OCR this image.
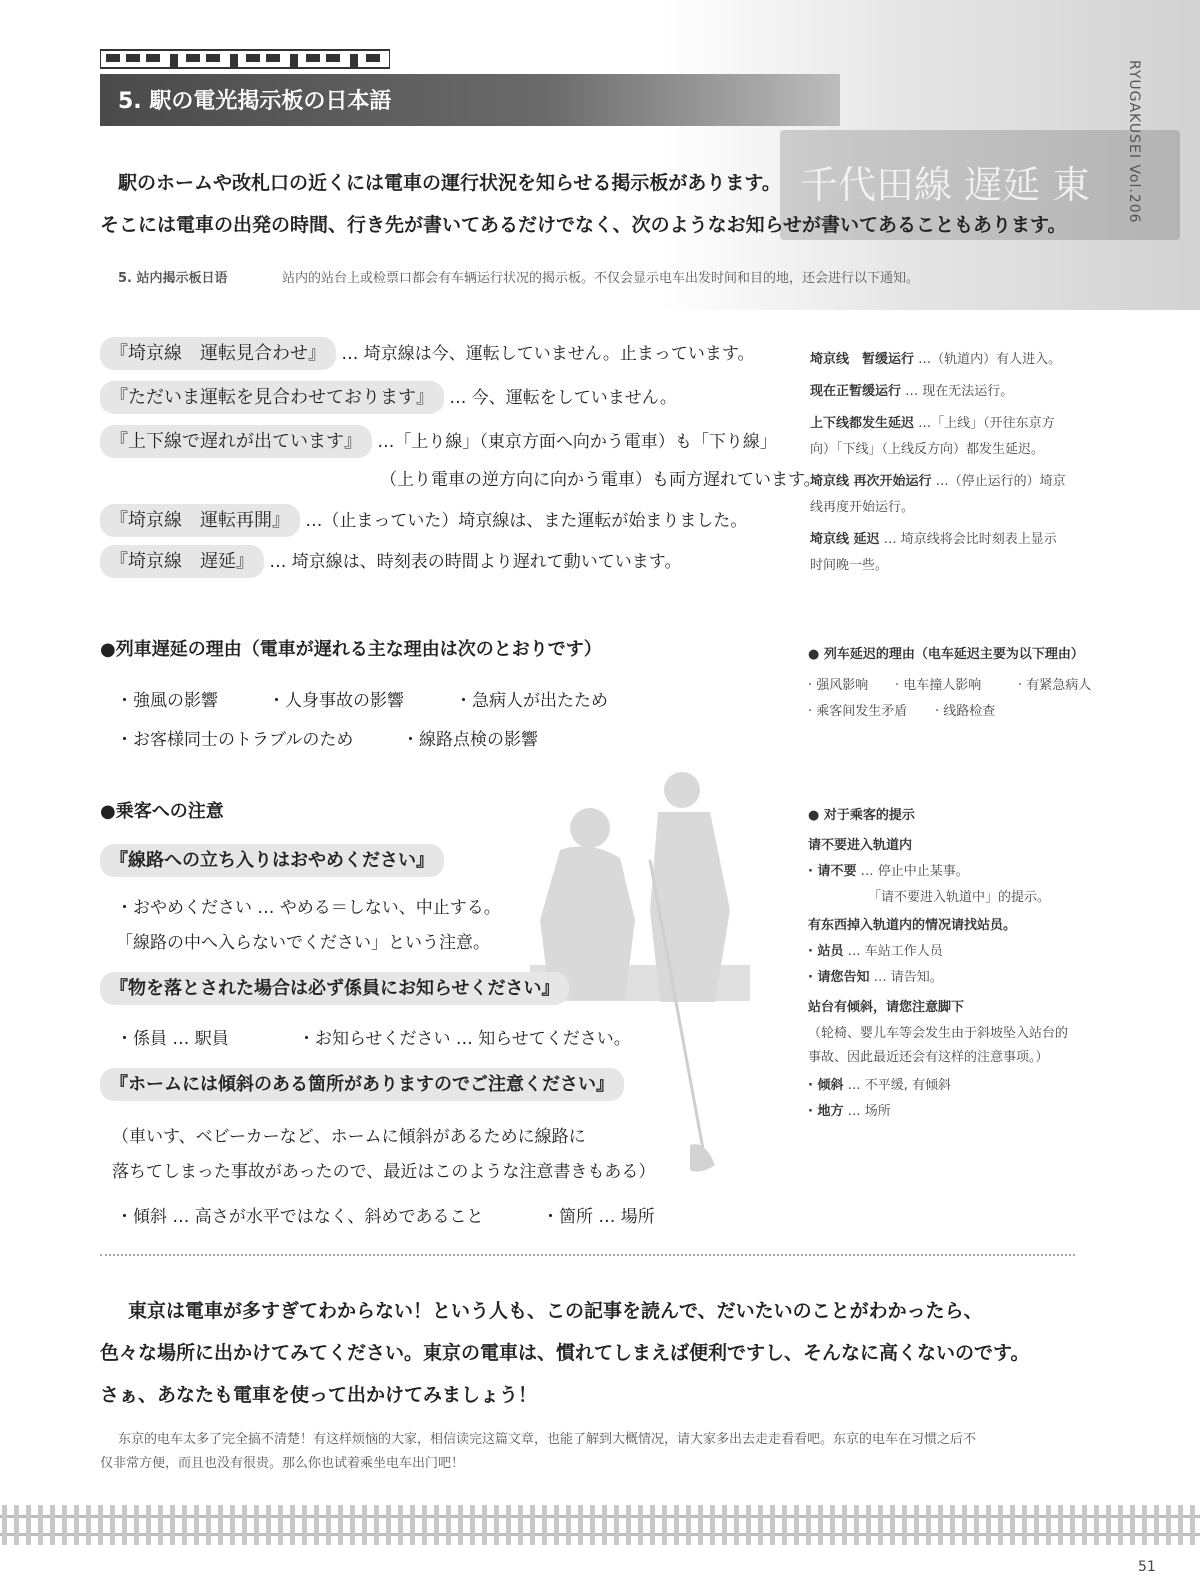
千代田線 遅延 東
5. 駅の電光掲示板の日本語	RYUGAKUSEI Vol.206
駅のホームや改札口の近くには電車の運行状況を知らせる掲示板があります。
そこには電車の出発の時間、行き先が書いてあるだけでなく、次のようなお知らせが書いてあることもあります。
5. 站内揭示板日语	站内的站台上或检票口都会有车辆运行状况的揭示板。不仅会显示电车出发时间和目的地，还会进行以下通知。
『埼京線　運転見合わせ』 … 埼京線は今、運転していません。止まっています。
『ただいま運転を見合わせております』 … 今、運転をしていません。
『上下線で遅れが出ています』 …「上り線」（東京方面へ向かう電車）も「下り線」
（上り電車の逆方向に向かう電車）も両方遅れています。
『埼京線　運転再開』 …（止まっていた）埼京線は、また運転が始まりました。
『埼京線　遅延』 … 埼京線は、時刻表の時間より遅れて動いています。
埼京线　暂缓运行 …（轨道内）有人进入。
现在正暂缓运行 … 现在无法运行。
上下线都发生延迟 …「上线」（开往东京方
向）「下线」（上线反方向）都发生延迟。
埼京线 再次开始运行 …（停止运行的）埼京
线再度开始运行。
埼京线 延迟 … 埼京线将会比时刻表上显示
时间晚一些。
●列車遅延の理由（電車が遅れる主な理由は次のとおりです）
・強風の影響	・人身事故の影響	・急病人が出たため
・お客様同士のトラブルのため	・線路点検の影響
● 列车延迟的理由（电车延迟主要为以下理由）
· 强风影响 · 电车撞人影响	· 有紧急病人
· 乘客间发生矛盾 · 线路检查
●乗客への注意
『線路への立ち入りはおやめください』
・おやめください … やめる＝しない、中止する。
「線路の中へ入らないでください」という注意。
『物を落とされた場合は必ず係員にお知らせください』
・係員 … 駅員	・お知らせください … 知らせてください。
『ホームには傾斜のある箇所がありますのでご注意ください』
（車いす、ベビーカーなど、ホームに傾斜があるために線路に
落ちてしまった事故があったので、最近はこのような注意書きもある）
・傾斜 … 高さが水平ではなく、斜めであること	・箇所 … 場所
● 对于乘客的提示
请不要进入轨道内
· 请不要 … 停止中止某事。
「请不要进入轨道中」的提示。
有东西掉入轨道内的情况请找站员。
· 站员 … 车站工作人员
· 请您告知 … 请告知。
站台有倾斜，请您注意脚下
（轮椅、婴儿车等会发生由于斜坡坠入站台的
事故、因此最近还会有这样的注意事项。）
· 倾斜 … 不平缓, 有倾斜
· 地方 … 场所
東京は電車が多すぎてわからない！という人も、この記事を読んで、だいたいのことがわかったら、
色々な場所に出かけてみてください。東京の電車は、慣れてしまえば便利ですし、そんなに高くないのです。
さぁ、あなたも電車を使って出かけてみましょう！
东京的电车太多了完全搞不清楚！有这样烦恼的大家，相信读完这篇文章，也能了解到大概情况，请大家多出去走走看看吧。东京的电车在习惯之后不
仅非常方便，而且也没有很贵。那么你也试着乘坐电车出门吧！
51
